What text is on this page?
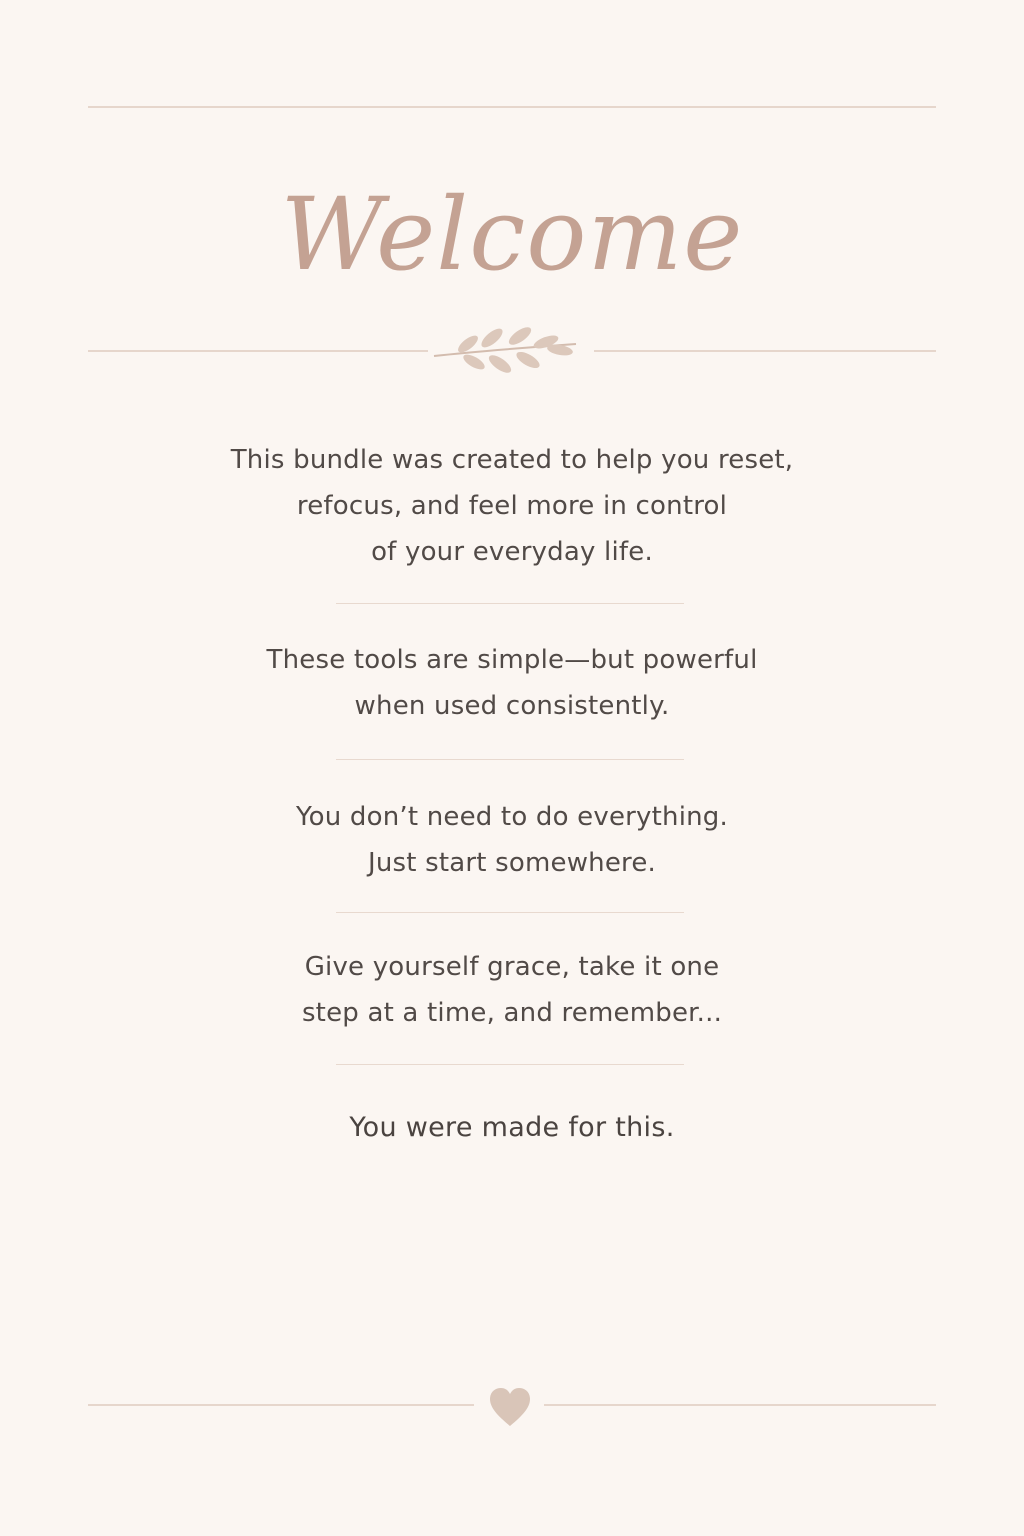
Welcome
This bundle was created to help you reset,
refocus, and feel more in control
of your everyday life.
These tools are simple—but powerful
when used consistently.
You don’t need to do everything.
Just start somewhere.
Give yourself grace, take it one
step at a time, and remember...
You were made for this.
